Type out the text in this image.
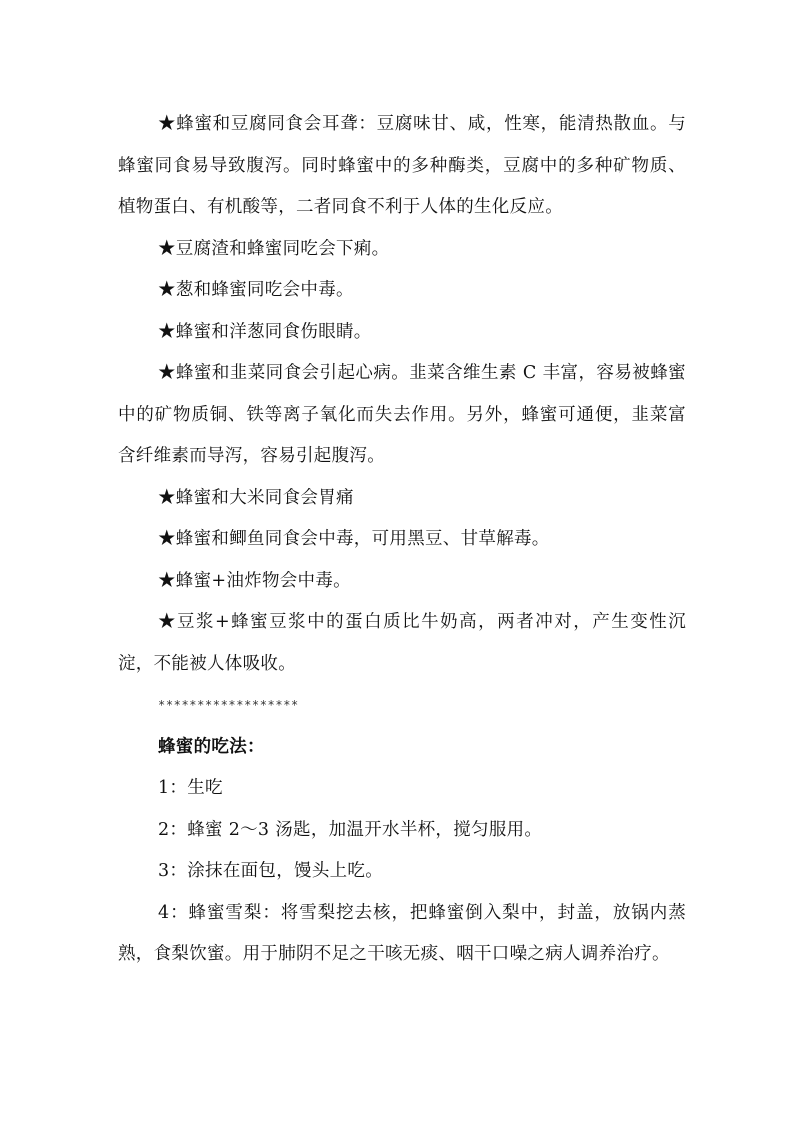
★蜂蜜和豆腐同食会耳聋：豆腐味甘、咸，性寒，能清热散血。与蜂蜜同食易导致腹泻。同时蜂蜜中的多种酶类，豆腐中的多种矿物质、植物蛋白、有机酸等，二者同食不利于人体的生化反应。

★豆腐渣和蜂蜜同吃会下痢。

★葱和蜂蜜同吃会中毒。

★蜂蜜和洋葱同食伤眼睛。

★蜂蜜和韭菜同食会引起心病。韭菜含维生素 C 丰富，容易被蜂蜜中的矿物质铜、铁等离子氧化而失去作用。另外，蜂蜜可通便，韭菜富含纤维素而导泻，容易引起腹泻。

★蜂蜜和大米同食会胃痛

★蜂蜜和鲫鱼同食会中毒，可用黑豆、甘草解毒。

★蜂蜜+油炸物会中毒。

★豆浆+蜂蜜豆浆中的蛋白质比牛奶高，两者冲对，产生变性沉淀，不能被人体吸收。

******************

蜂蜜的吃法：

1：生吃

2：蜂蜜 2～3 汤匙，加温开水半杯，搅匀服用。

3：涂抹在面包，馒头上吃。

4：蜂蜜雪梨：将雪梨挖去核，把蜂蜜倒入梨中，封盖，放锅内蒸熟，食梨饮蜜。用于肺阴不足之干咳无痰、咽干口噪之病人调养治疗。
